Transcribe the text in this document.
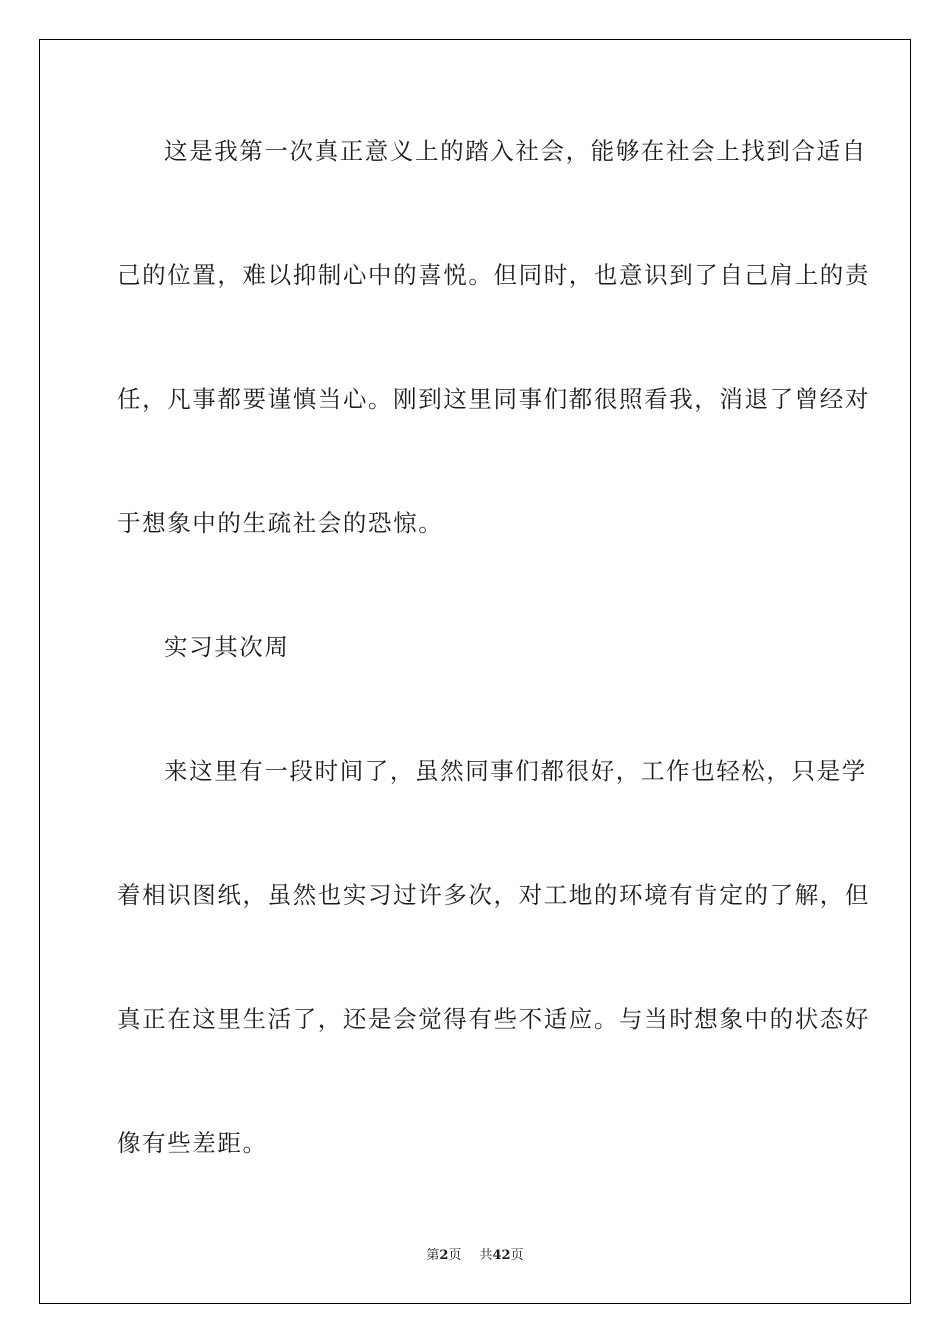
这是我第一次真正意义上的踏入社会，能够在社会上找到合适自
己的位置，难以抑制心中的喜悦。但同时，也意识到了自己肩上的责
任，凡事都要谨慎当心。刚到这里同事们都很照看我，消退了曾经对
于想象中的生疏社会的恐惊。
实习其次周
来这里有一段时间了，虽然同事们都很好，工作也轻松，只是学
着相识图纸，虽然也实习过许多次，对工地的环境有肯定的了解，但
真正在这里生活了，还是会觉得有些不适应。与当时想象中的状态好
像有些差距。
第2页 共42页
